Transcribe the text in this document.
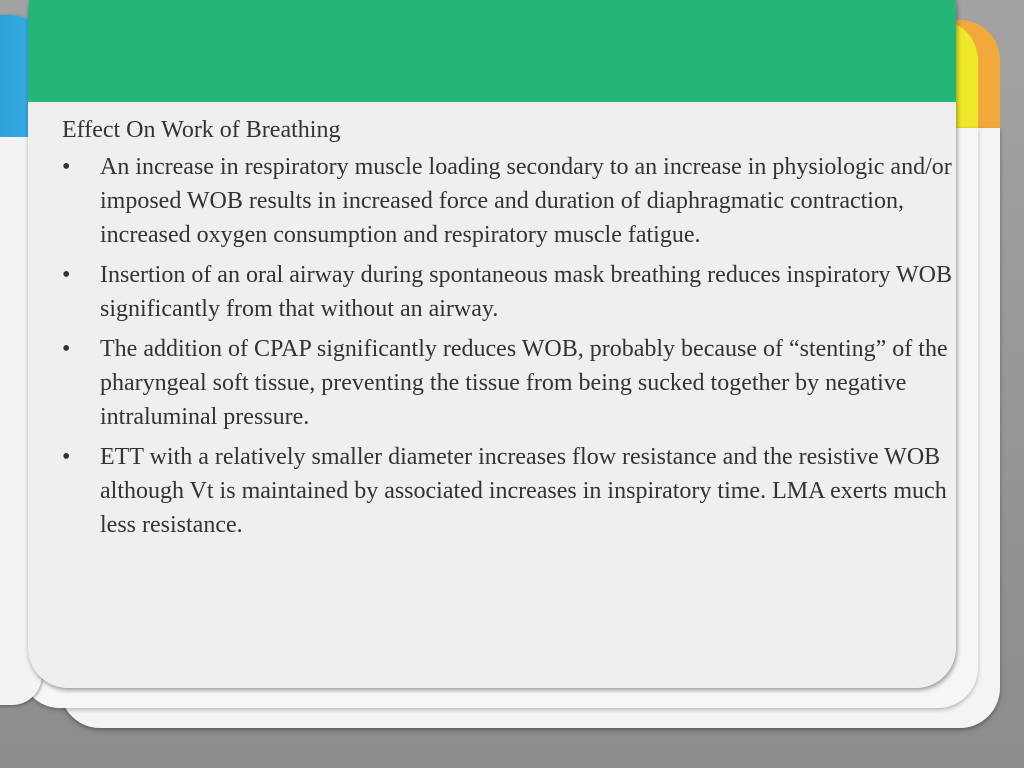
Effect On Work of Breathing
•	An increase in respiratory muscle loading secondary to an increase in physiologic and/or imposed WOB results in increased force and duration of diaphragmatic contraction, increased oxygen consumption and respiratory muscle fatigue.
•	Insertion of an oral airway during spontaneous mask breathing reduces inspiratory WOB significantly from that without an airway.
•	The addition of CPAP significantly reduces WOB, probably because of “stenting” of the pharyngeal soft tissue, preventing the tissue from being sucked together by negative intraluminal pressure.
•	ETT with a relatively smaller diameter increases flow resistance and the resistive WOB although Vt is maintained by associated increases in inspiratory time. LMA exerts much less resistance.
